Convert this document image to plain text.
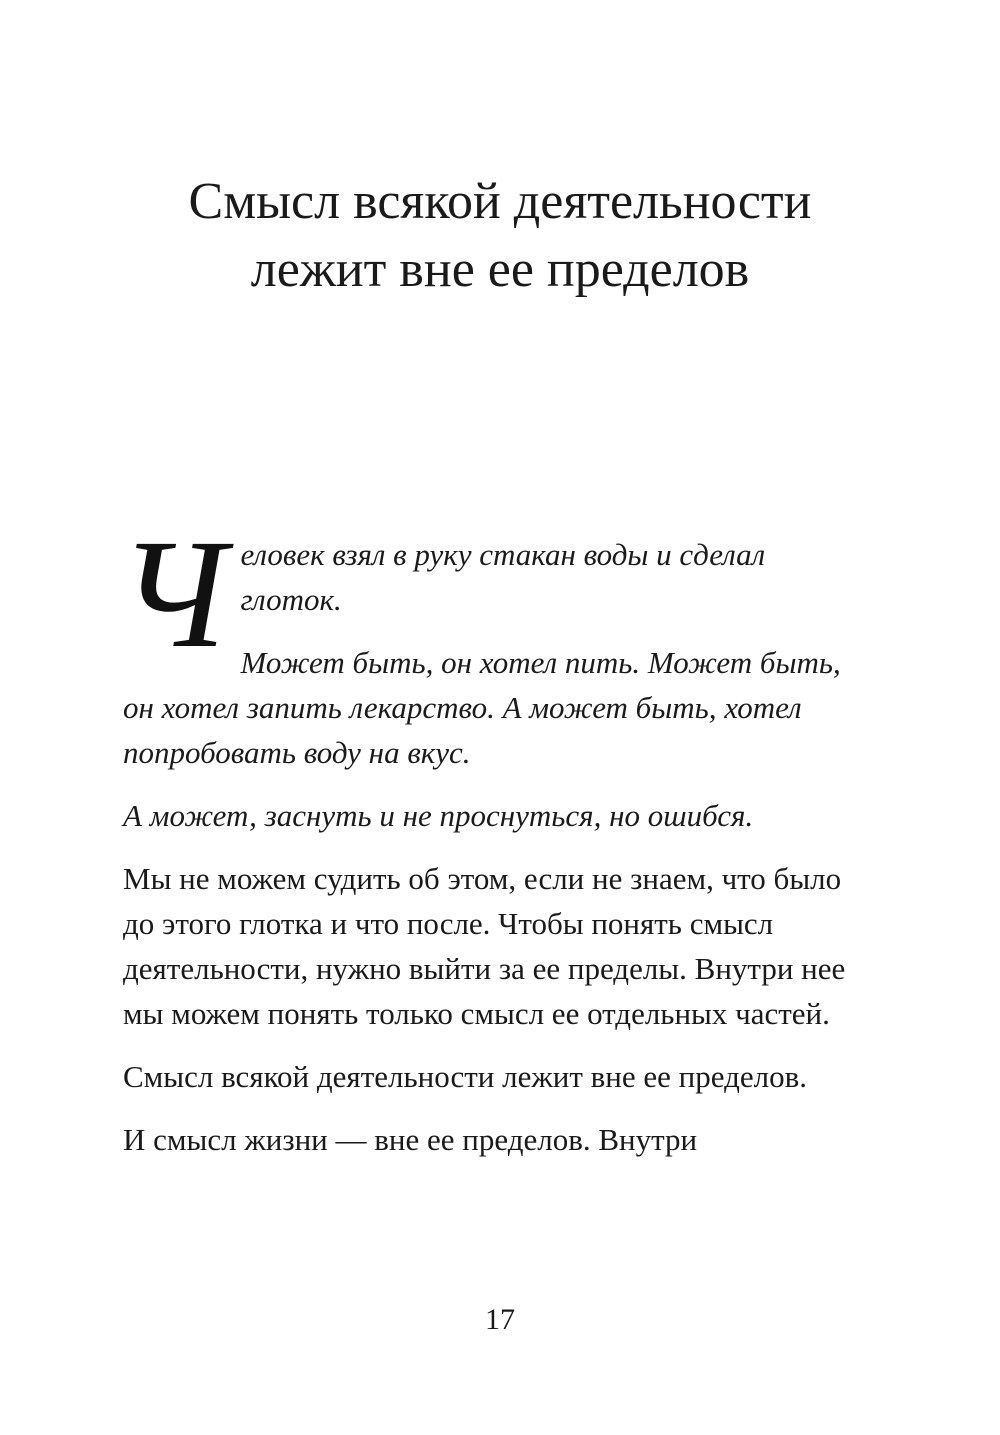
Смысл всякой деятельности
лежит вне ее пределов

Человек взял в руку стакан воды и сделал глоток.

Может быть, он хотел пить. Может быть, он хотел запить лекарство. А может быть, хотел попробовать воду на вкус.

А может, заснуть и не проснуться, но ошибся.

Мы не можем судить об этом, если не знаем, что было до этого глотка и что после. Чтобы понять смысл деятельности, нужно выйти за ее пределы. Внутри нее мы можем понять только смысл ее отдельных частей.

Смысл всякой деятельности лежит вне ее пределов.

И смысл жизни — вне ее пределов. Внутри

17
